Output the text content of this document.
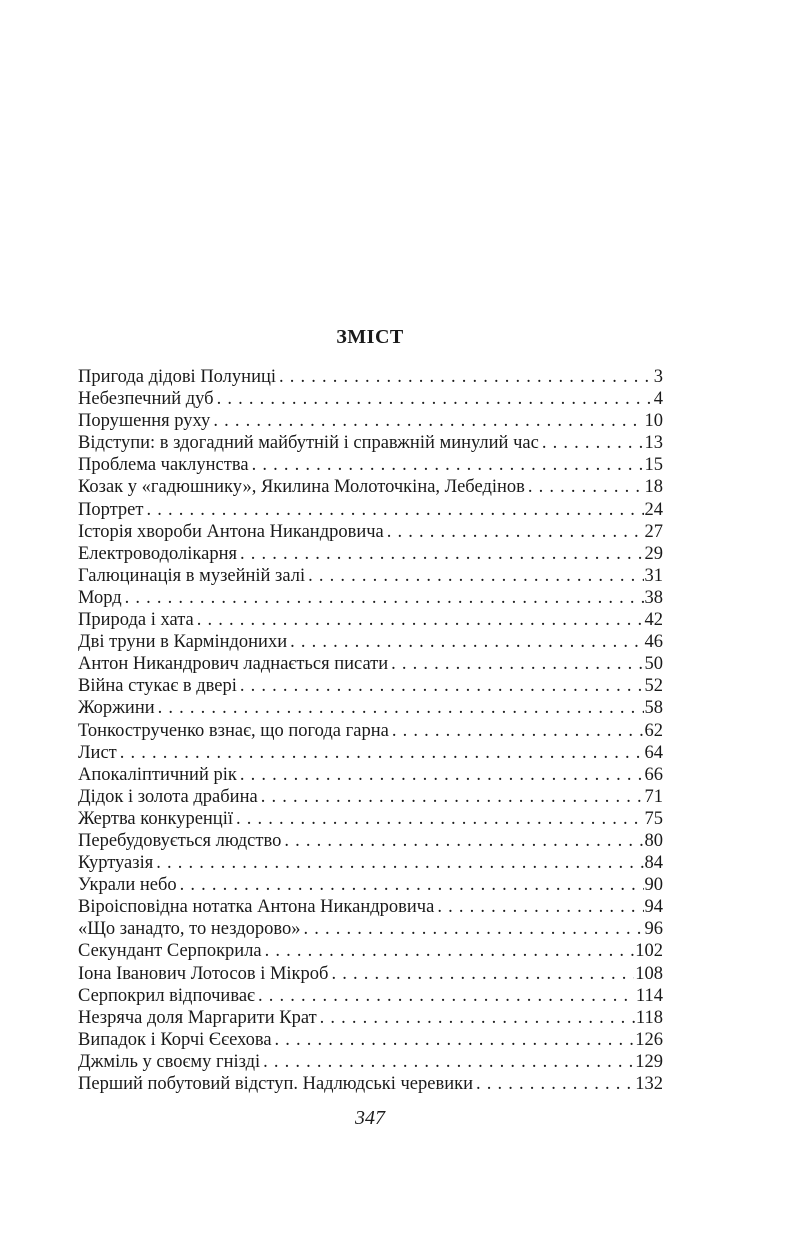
ЗМІСТ
Пригода дідові Полуниці . . .	3
Небезпечний дуб . . .	4
Порушення руху . . .	10
Відступи: в здогадний майбутній і справжній минулий час . . .	13
Проблема чаклунства . . .	15
Козак у «гадюшнику», Якилина Молоточкіна, Лебедінов . . .	18
Портрет . . .	24
Історія хвороби Антона Никандровича . . .	27
Електроводолікарня . . .	29
Галюцинація в музейній залі . . .	31
Морд . . .	38
Природа і хата . . .	42
Дві труни в Карміндонихи . . .	46
Антон Никандрович ладнається писати . . .	50
Війна стукає в двері . . .	52
Жоржини . . .	58
Тонкострученко взнає, що погода гарна . . .	62
Лист . . .	64
Апокаліптичний рік . . .	66
Дідок і золота драбина . . .	71
Жертва конкуренції . . .	75
Перебудовується людство . . .	80
Куртуазія . . .	84
Украли небо . . .	90
Віроісповідна нотатка Антона Никандровича . . .	94
«Що занадто, то нездорово» . . .	96
Секундант Серпокрила . . .	102
Іона Іванович Лотосов і Мікроб . . .	108
Серпокрил відпочиває . . .	114
Незряча доля Маргарити Крат . . .	118
Випадок і Корчі Єєехова . . .	126
Джміль у своєму гнізді . . .	129
Перший побутовий відступ. Надлюдські черевики . . .	132
347
